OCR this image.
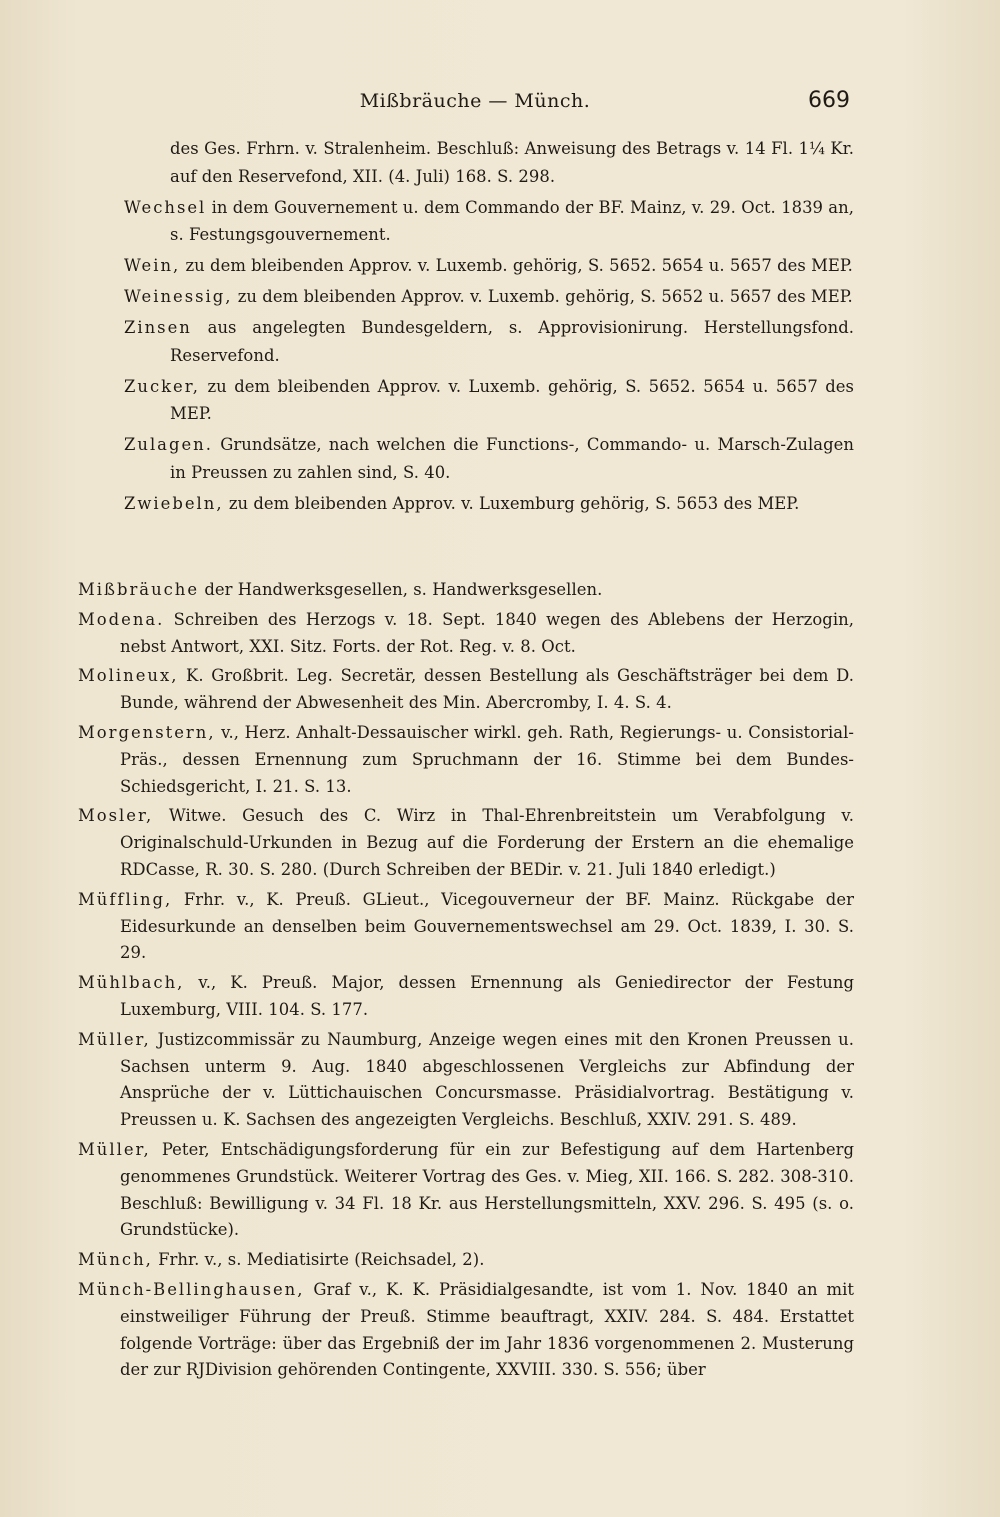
Mißbräuche — Münch.	669

des Ges. Frhrn. v. Stralenheim. Beschluß: Anweisung des Betrags v. 14 Fl. 1¼ Kr. auf den Reservefond, XII. (4. Juli) 168. S. 298.

Wechsel in dem Gouvernement u. dem Commando der BF. Mainz, v. 29. Oct. 1839 an, s. Festungsgouvernement.

Wein, zu dem bleibenden Approv. v. Luxemb. gehörig, S. 5652. 5654 u. 5657 des MEP.

Weinessig, zu dem bleibenden Approv. v. Luxemb. gehörig, S. 5652 u. 5657 des MEP.

Zinsen aus angelegten Bundesgeldern, s. Approvisionirung. Herstellungsfond. Reservefond.

Zucker, zu dem bleibenden Approv. v. Luxemb. gehörig, S. 5652. 5654 u. 5657 des MEP.

Zulagen. Grundsätze, nach welchen die Functions-, Commando- u. Marsch-Zulagen in Preussen zu zahlen sind, S. 40.

Zwiebeln, zu dem bleibenden Approv. v. Luxemburg gehörig, S. 5653 des MEP.

Mißbräuche der Handwerksgesellen, s. Handwerksgesellen.

Modena. Schreiben des Herzogs v. 18. Sept. 1840 wegen des Ablebens der Herzogin, nebst Antwort, XXI. Sitz. Forts. der Rot. Reg. v. 8. Oct.

Molineux, K. Großbrit. Leg. Secretär, dessen Bestellung als Geschäftsträger bei dem D. Bunde, während der Abwesenheit des Min. Abercromby, I. 4. S. 4.

Morgenstern, v., Herz. Anhalt-Dessauischer wirkl. geh. Rath, Regierungs- u. Consistorial-Präs., dessen Ernennung zum Spruchmann der 16. Stimme bei dem Bundes-Schiedsgericht, I. 21. S. 13.

Mosler, Witwe. Gesuch des C. Wirz in Thal-Ehrenbreitstein um Verabfolgung v. Originalschuld-Urkunden in Bezug auf die Forderung der Erstern an die ehemalige RDCasse, R. 30. S. 280. (Durch Schreiben der BEDir. v. 21. Juli 1840 erledigt.)

Müffling, Frhr. v., K. Preuß. GLieut., Vicegouverneur der BF. Mainz. Rückgabe der Eidesurkunde an denselben beim Gouvernementswechsel am 29. Oct. 1839, I. 30. S. 29.

Mühlbach, v., K. Preuß. Major, dessen Ernennung als Geniedirector der Festung Luxemburg, VIII. 104. S. 177.

Müller, Justizcommissär zu Naumburg, Anzeige wegen eines mit den Kronen Preussen u. Sachsen unterm 9. Aug. 1840 abgeschlossenen Vergleichs zur Abfindung der Ansprüche der v. Lüttichauischen Concursmasse. Präsidialvortrag. Bestätigung v. Preussen u. K. Sachsen des angezeigten Vergleichs. Beschluß, XXIV. 291. S. 489.

Müller, Peter, Entschädigungsforderung für ein zur Befestigung auf dem Hartenberg genommenes Grundstück. Weiterer Vortrag des Ges. v. Mieg, XII. 166. S. 282. 308-310. Beschluß: Bewilligung v. 34 Fl. 18 Kr. aus Herstellungsmitteln, XXV. 296. S. 495 (s. o. Grundstücke).

Münch, Frhr. v., s. Mediatisirte (Reichsadel, 2).

Münch-Bellinghausen, Graf v., K. K. Präsidialgesandte, ist vom 1. Nov. 1840 an mit einstweiliger Führung der Preuß. Stimme beauftragt, XXIV. 284. S. 484. Erstattet folgende Vorträge: über das Ergebniß der im Jahr 1836 vorgenommenen 2. Musterung der zur RJDivision gehörenden Contingente, XXVIII. 330. S. 556; über
